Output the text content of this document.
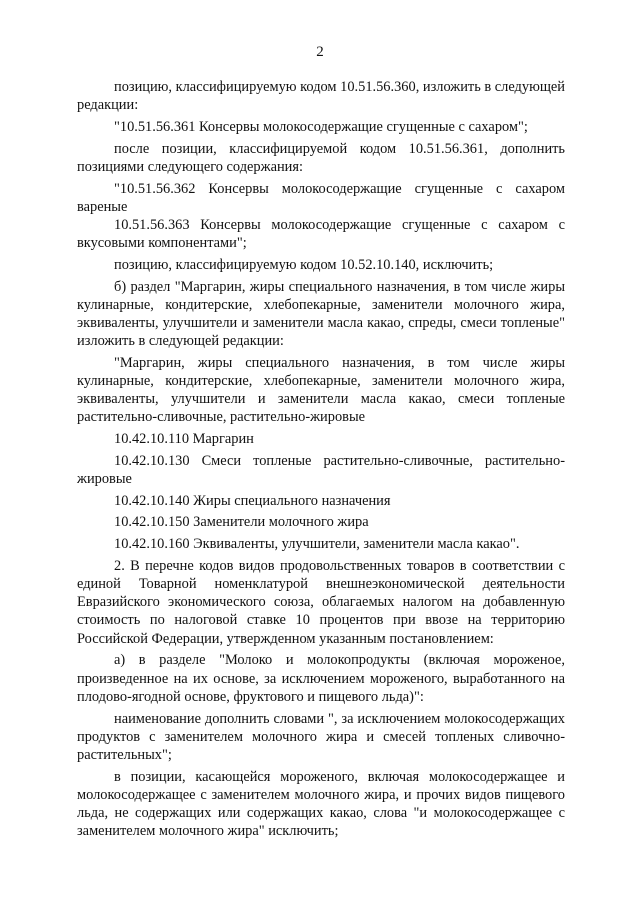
2

позицию, классифицируемую кодом 10.51.56.360, изложить в следующей редакции:

"10.51.56.361 Консервы молокосодержащие сгущенные с сахаром";

после позиции, классифицируемой кодом 10.51.56.361, дополнить позициями следующего содержания:

"10.51.56.362 Консервы молокосодержащие сгущенные с сахаром вареные

10.51.56.363 Консервы молокосодержащие сгущенные с сахаром с вкусовыми компонентами";

позицию, классифицируемую кодом 10.52.10.140, исключить;

б) раздел "Маргарин, жиры специального назначения, в том числе жиры кулинарные, кондитерские, хлебопекарные, заменители молочного жира, эквиваленты, улучшители и заменители масла какао, спреды, смеси топленые" изложить в следующей редакции:

"Маргарин, жиры специального назначения, в том числе жиры кулинарные, кондитерские, хлебопекарные, заменители молочного жира, эквиваленты, улучшители и заменители масла какао, смеси топленые растительно-сливочные, растительно-жировые

10.42.10.110 Маргарин

10.42.10.130 Смеси топленые растительно-сливочные, растительно-жировые

10.42.10.140 Жиры специального назначения

10.42.10.150 Заменители молочного жира

10.42.10.160 Эквиваленты, улучшители, заменители масла какао".

2. В перечне кодов видов продовольственных товаров в соответствии с единой Товарной номенклатурой внешнеэкономической деятельности Евразийского экономического союза, облагаемых налогом на добавленную стоимость по налоговой ставке 10 процентов при ввозе на территорию Российской Федерации, утвержденном указанным постановлением:

а) в разделе "Молоко и молокопродукты (включая мороженое, произведенное на их основе, за исключением мороженого, выработанного на плодово-ягодной основе, фруктового и пищевого льда)":

наименование дополнить словами ", за исключением молокосодержащих продуктов с заменителем молочного жира и смесей топленых сливочно-растительных";

в позиции, касающейся мороженого, включая молокосодержащее и молокосодержащее с заменителем молочного жира, и прочих видов пищевого льда, не содержащих или содержащих какао, слова "и молокосодержащее с заменителем молочного жира" исключить;
